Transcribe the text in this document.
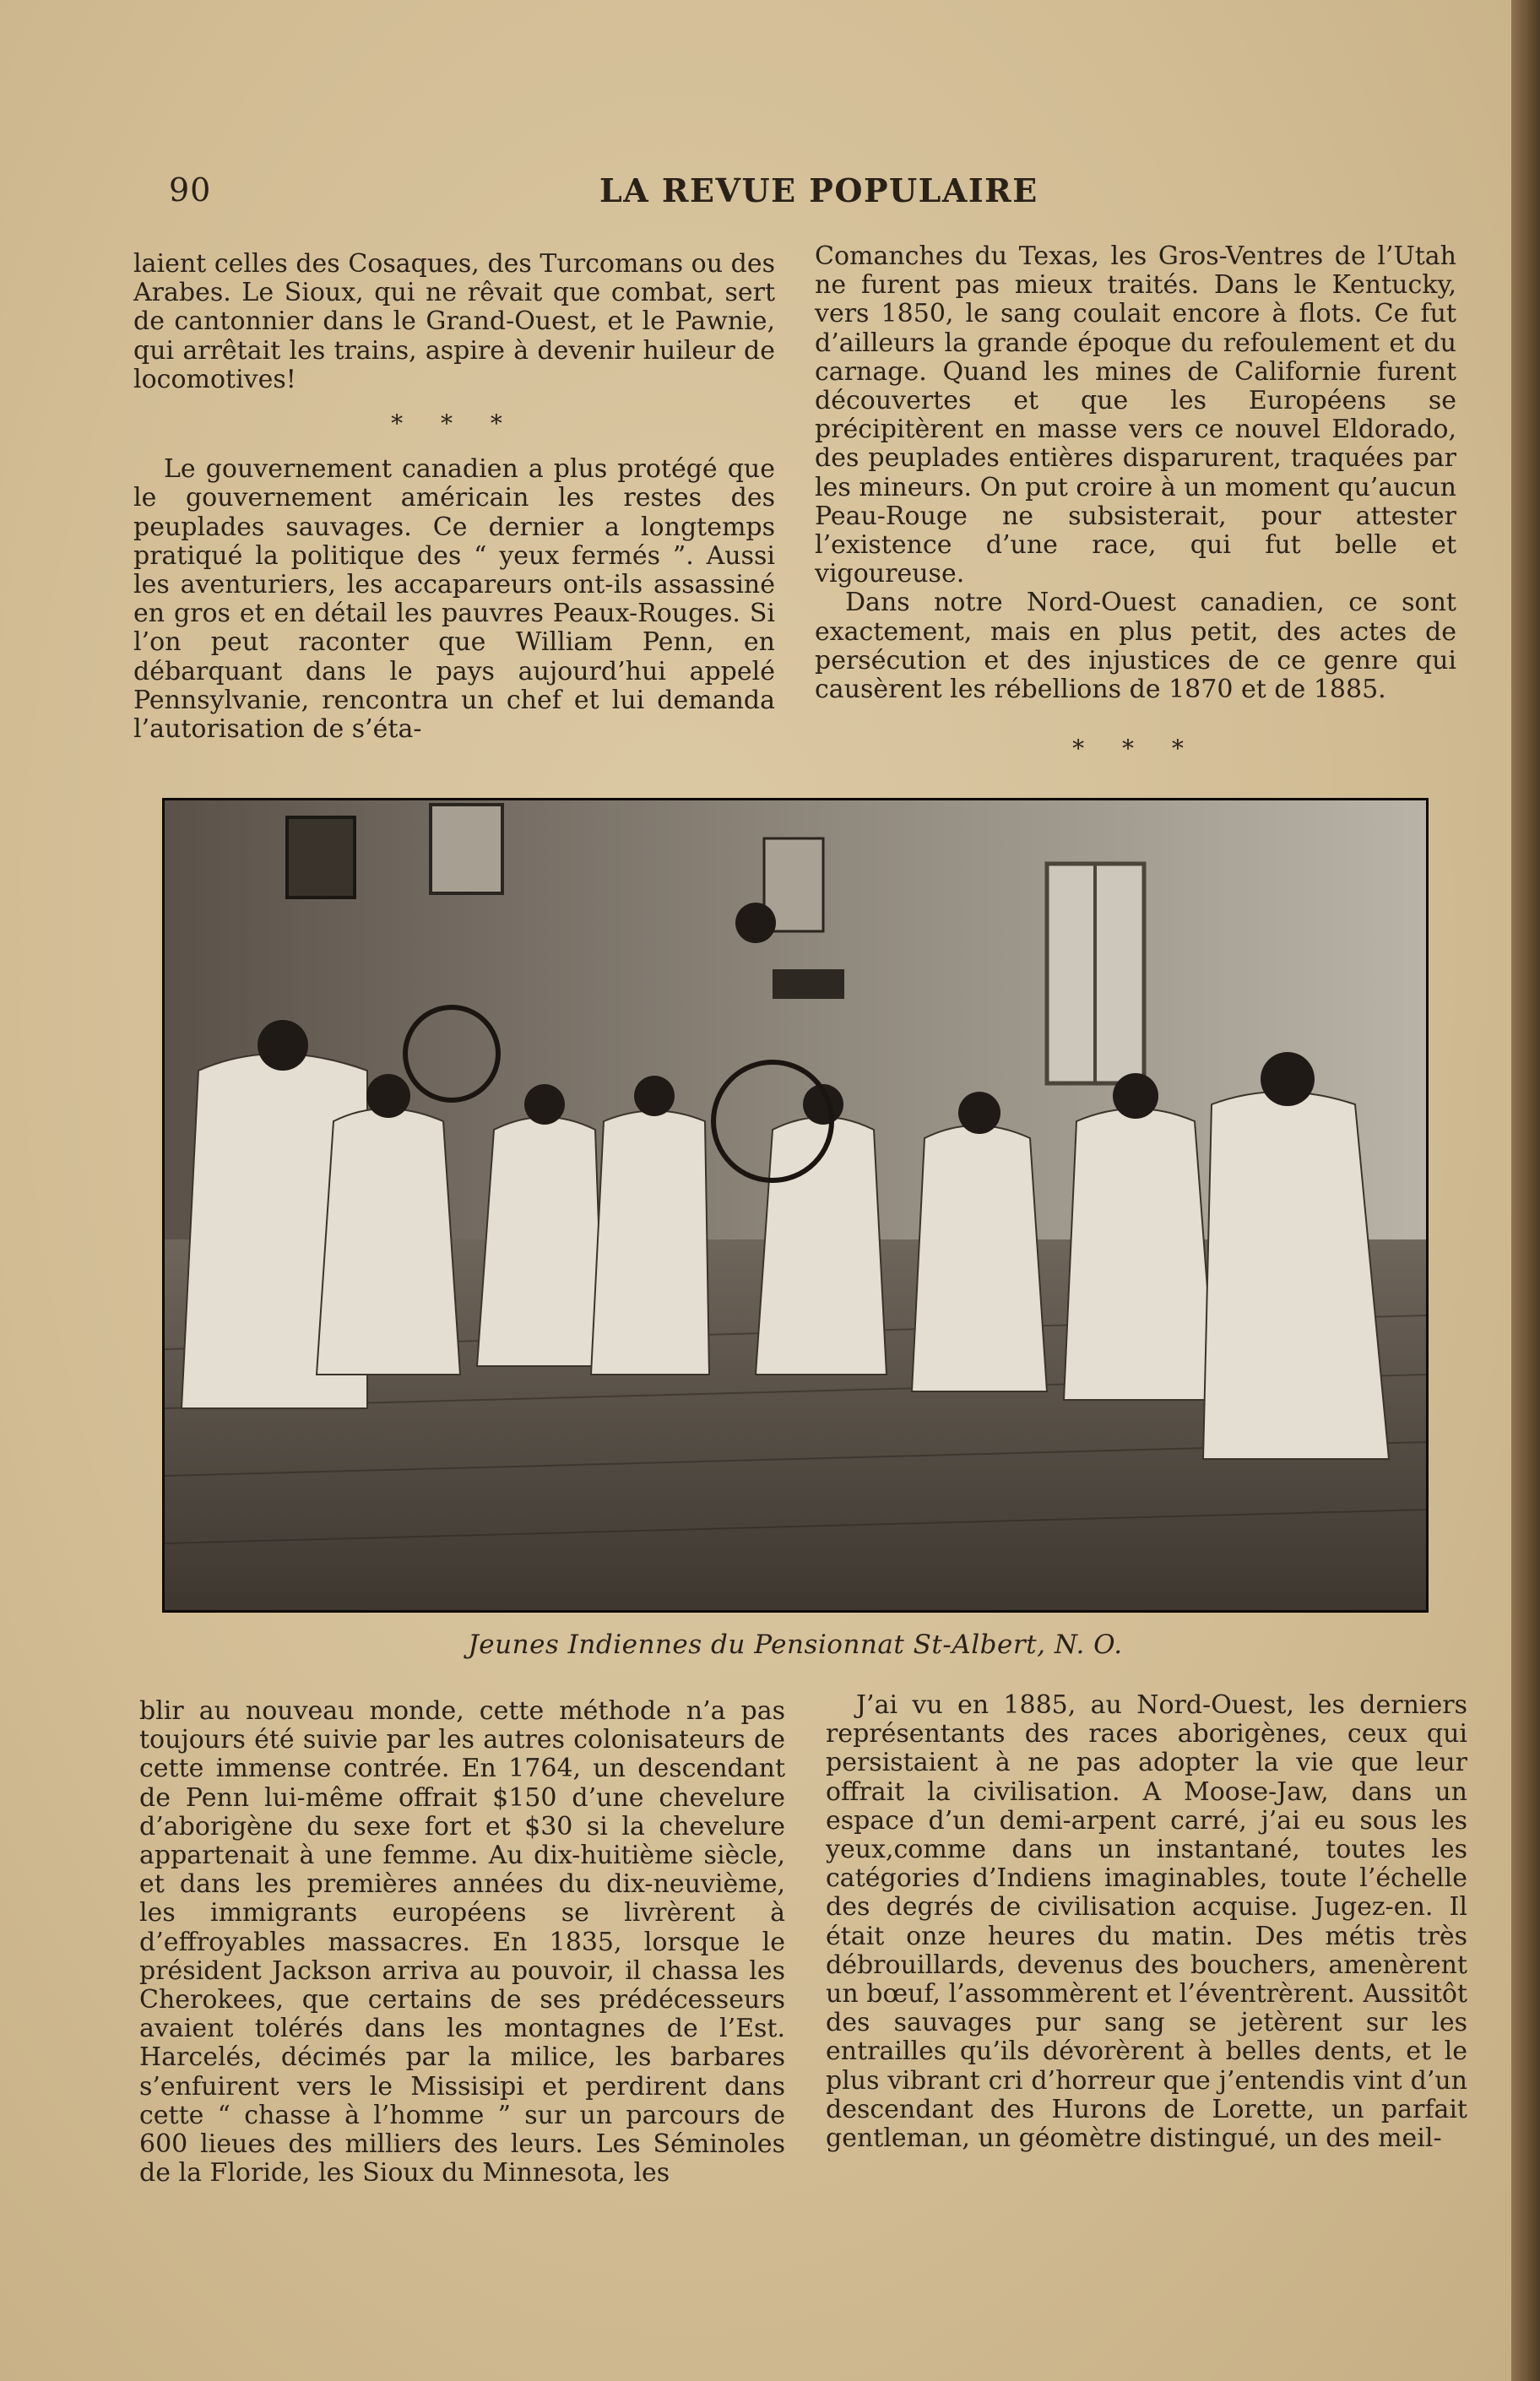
90	LA REVUE POPULAIRE

laient celles des Cosaques, des Turcomans ou des Arabes. Le Sioux, qui ne rêvait que combat, sert de cantonnier dans le Grand-Ouest, et le Pawnie, qui arrêtait les trains, aspire à devenir huileur de locomotives!

* * *

Le gouvernement canadien a plus protégé que le gouvernement américain les restes des peuplades sauvages. Ce dernier a longtemps pratiqué la politique des “ yeux fermés ”. Aussi les aventuriers, les accapareurs ont-ils assassiné en gros et en détail les pauvres Peaux-Rouges. Si l’on peut raconter que William Penn, en débarquant dans le pays aujourd’hui appelé Pennsylvanie, rencontra un chef et lui demanda l’autorisation de s’éta-

Comanches du Texas, les Gros-Ventres de l’Utah ne furent pas mieux traités. Dans le Kentucky, vers 1850, le sang coulait encore à flots. Ce fut d’ailleurs la grande époque du refoulement et du carnage. Quand les mines de Californie furent découvertes et que les Européens se précipitèrent en masse vers ce nouvel Eldorado, des peuplades entières disparurent, traquées par les mineurs. On put croire à un moment qu’aucun Peau-Rouge ne subsisterait, pour attester l’existence d’une race, qui fut belle et vigoureuse.

Dans notre Nord-Ouest canadien, ce sont exactement, mais en plus petit, des actes de persécution et des injustices de ce genre qui causèrent les rébellions de 1870 et de 1885.

* * *
Jeunes Indiennes du Pensionnat St-Albert, N. O.

blir au nouveau monde, cette méthode n’a pas toujours été suivie par les autres colonisateurs de cette immense contrée. En 1764, un descendant de Penn lui-même offrait $150 d’une chevelure d’aborigène du sexe fort et $30 si la chevelure appartenait à une femme. Au dix-huitième siècle, et dans les premières années du dix-neuvième, les immigrants européens se livrèrent à d’effroyables massacres. En 1835, lorsque le président Jackson arriva au pouvoir, il chassa les Cherokees, que certains de ses prédécesseurs avaient tolérés dans les montagnes de l’Est. Harcelés, décimés par la milice, les barbares s’enfuirent vers le Missisipi et perdirent dans cette “ chasse à l’homme ” sur un parcours de 600 lieues des milliers des leurs. Les Séminoles de la Floride, les Sioux du Minnesota, les

J’ai vu en 1885, au Nord-Ouest, les derniers représentants des races aborigènes, ceux qui persistaient à ne pas adopter la vie que leur offrait la civilisation. A Moose-Jaw, dans un espace d’un demi-arpent carré, j’ai eu sous les yeux,comme dans un instantané, toutes les catégories d’Indiens imaginables, toute l’échelle des degrés de civilisation acquise. Jugez-en. Il était onze heures du matin. Des métis très débrouillards, devenus des bouchers, amenèrent un bœuf, l’assommèrent et l’éventrèrent. Aussitôt des sauvages pur sang se jetèrent sur les entrailles qu’ils dévorèrent à belles dents, et le plus vibrant cri d’horreur que j’entendis vint d’un descendant des Hurons de Lorette, un parfait gentleman, un géomètre distingué, un des meil-
